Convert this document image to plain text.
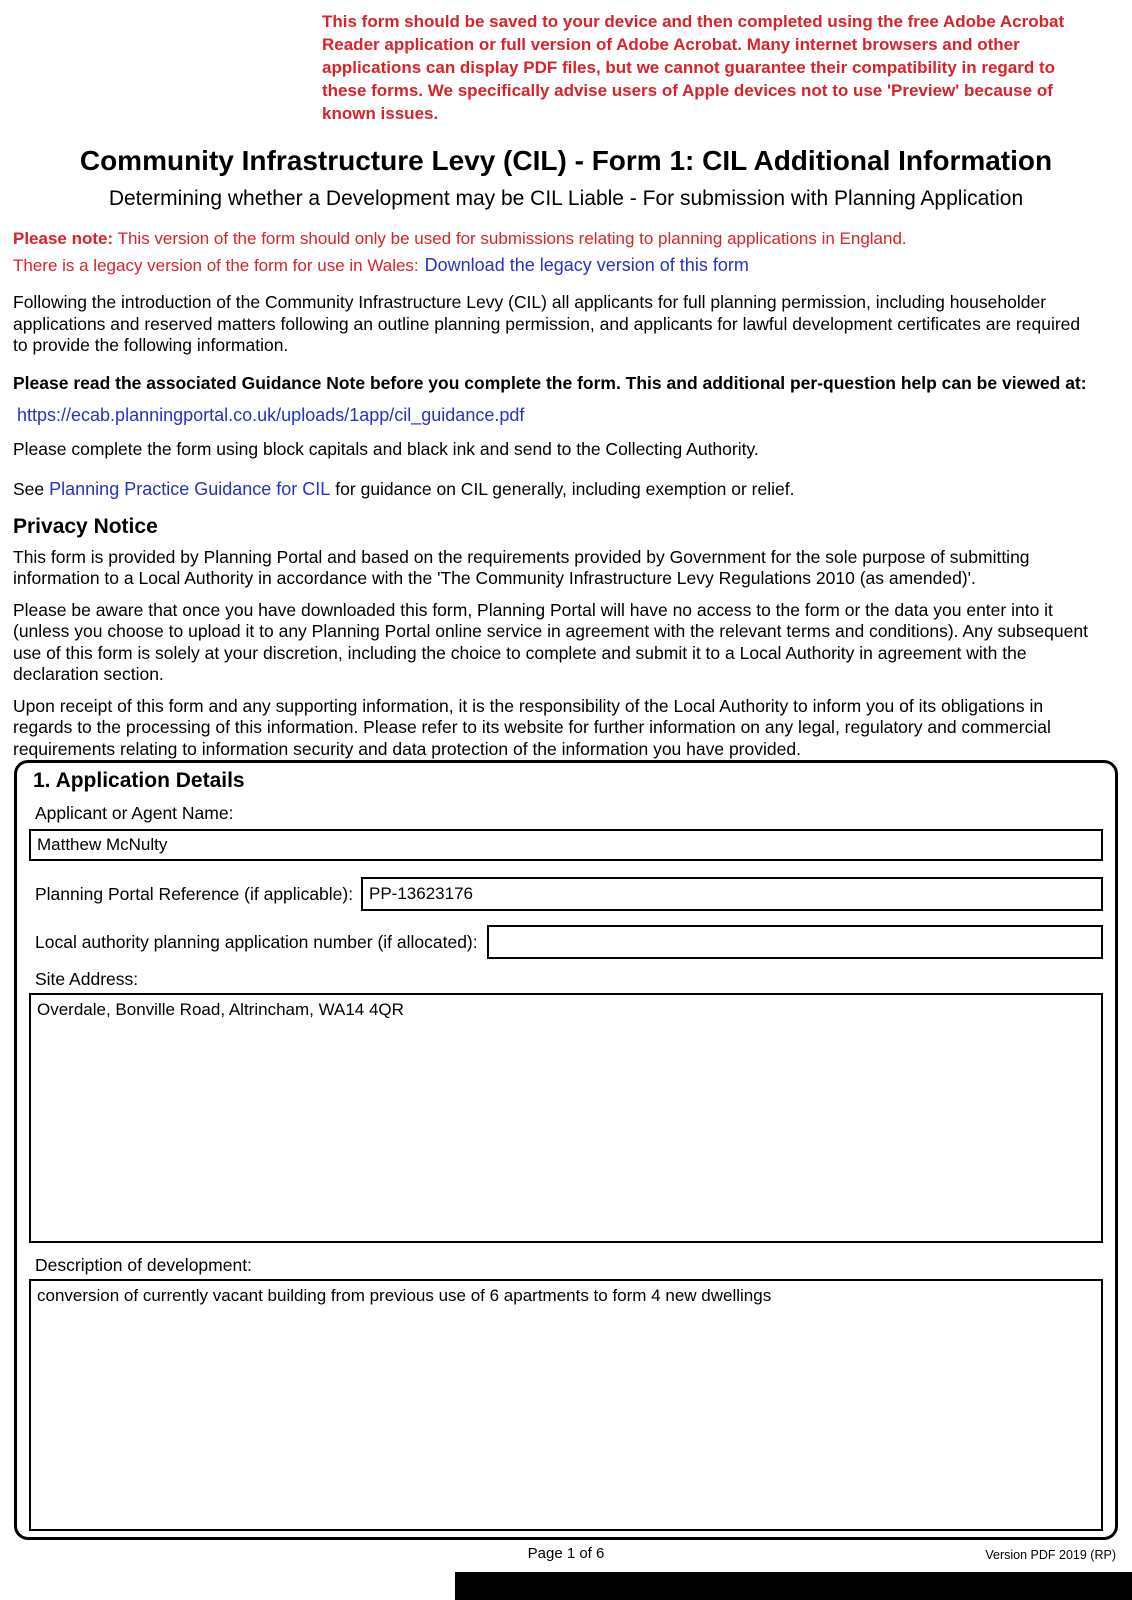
This form should be saved to your device and then completed using the free Adobe Acrobat Reader application or full version of Adobe Acrobat. Many internet browsers and other applications can display PDF files, but we cannot guarantee their compatibility in regard to these forms. We specifically advise users of Apple devices not to use 'Preview' because of known issues.

Community Infrastructure Levy (CIL) - Form 1: CIL Additional Information
Determining whether a Development may be CIL Liable - For submission with Planning Application

Please note: This version of the form should only be used for submissions relating to planning applications in England.

There is a legacy version of the form for use in Wales: Download the legacy version of this form

Following the introduction of the Community Infrastructure Levy (CIL) all applicants for full planning permission, including householder applications and reserved matters following an outline planning permission, and applicants for lawful development certificates are required to provide the following information.

Please read the associated Guidance Note before you complete the form. This and additional per-question help can be viewed at:

https://ecab.planningportal.co.uk/uploads/1app/cil_guidance.pdf

Please complete the form using block capitals and black ink and send to the Collecting Authority.

See Planning Practice Guidance for CIL for guidance on CIL generally, including exemption or relief.

Privacy Notice

This form is provided by Planning Portal and based on the requirements provided by Government for the sole purpose of submitting information to a Local Authority in accordance with the 'The Community Infrastructure Levy Regulations 2010 (as amended)'.

Please be aware that once you have downloaded this form, Planning Portal will have no access to the form or the data you enter into it (unless you choose to upload it to any Planning Portal online service in agreement with the relevant terms and conditions). Any subsequent use of this form is solely at your discretion, including the choice to complete and submit it to a Local Authority in agreement with the declaration section.

Upon receipt of this form and any supporting information, it is the responsibility of the Local Authority to inform you of its obligations in regards to the processing of this information. Please refer to its website for further information on any legal, regulatory and commercial requirements relating to information security and data protection of the information you have provided.

1. Application Details
Applicant or Agent Name:
Matthew McNulty
Planning Portal Reference (if applicable):
PP-13623176
Local authority planning application number (if allocated):
Site Address:
Overdale, Bonville Road, Altrincham, WA14 4QR
Description of development:
conversion of currently vacant building from previous use of 6 apartments to form 4 new dwellings
Page 1 of 6	Version PDF 2019 (RP)
